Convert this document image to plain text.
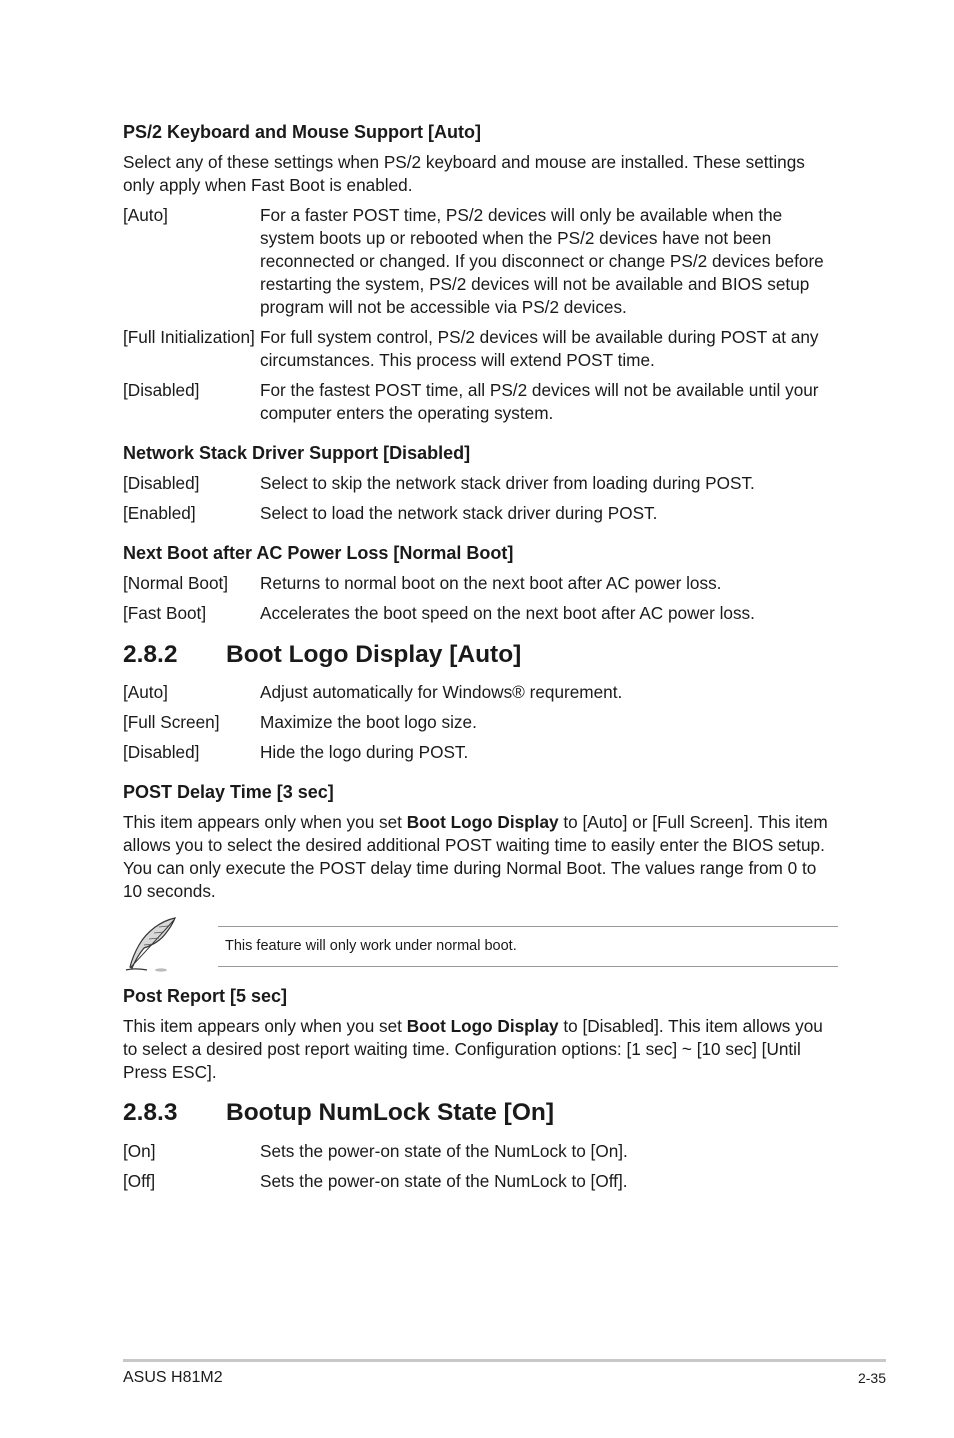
PS/2 Keyboard and Mouse Support [Auto]
Select any of these settings when PS/2 keyboard and mouse are installed. These settings only apply when Fast Boot is enabled.
[Auto]	For a faster POST time, PS/2 devices will only be available when the system boots up or rebooted when the PS/2 devices have not been reconnected or changed. If you disconnect or change PS/2 devices before restarting the system, PS/2 devices will not be available and BIOS setup program will not be accessible via PS/2 devices.
[Full Initialization] For full system control, PS/2 devices will be available during POST at any circumstances. This process will extend POST time.
[Disabled]	For the fastest POST time, all PS/2 devices will not be available until your computer enters the operating system.
Network Stack Driver Support [Disabled]
[Disabled]	Select to skip the network stack driver from loading during POST.
[Enabled]	Select to load the network stack driver during POST.
Next Boot after AC Power Loss [Normal Boot]
[Normal Boot] Returns to normal boot on the next boot after AC power loss.
[Fast Boot]	Accelerates the boot speed on the next boot after AC power loss.
2.8.2 Boot Logo Display [Auto]
[Auto]	Adjust automatically for Windows® requrement.
[Full Screen] Maximize the boot logo size.
[Disabled]	Hide the logo during POST.
POST Delay Time [3 sec]
This item appears only when you set Boot Logo Display to [Auto] or [Full Screen]. This item allows you to select the desired additional POST waiting time to easily enter the BIOS setup. You can only execute the POST delay time during Normal Boot. The values range from 0 to 10 seconds.
This feature will only work under normal boot.
Post Report [5 sec]
This item appears only when you set Boot Logo Display to [Disabled]. This item allows you to select a desired post report waiting time. Configuration options: [1 sec] ~ [10 sec] [Until Press ESC].
2.8.3 Bootup NumLock State [On]
[On]	Sets the power-on state of the NumLock to [On].
[Off]	Sets the power-on state of the NumLock to [Off].
ASUS H81M2	2-35
